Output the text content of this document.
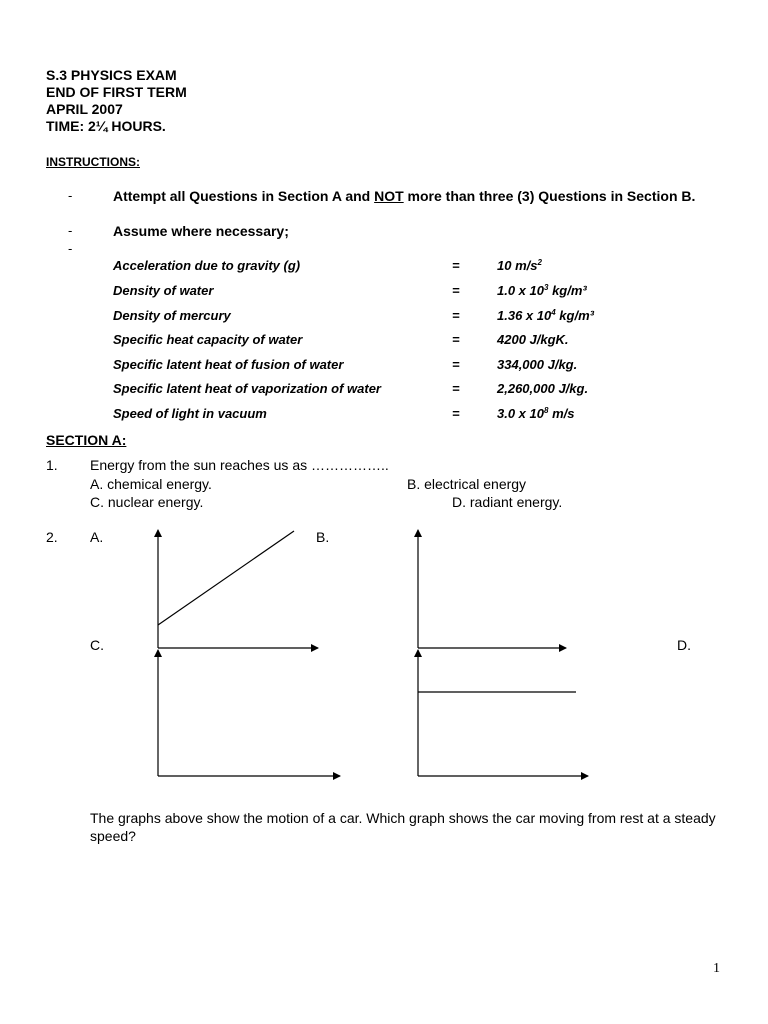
S.3 PHYSICS EXAM
END OF FIRST TERM
APRIL 2007
TIME: 2¼ HOURS.
INSTRUCTIONS:
-	Attempt all Questions in Section A and NOT more than three (3) Questions in Section B.
-	Assume where necessary;
-
Acceleration due to gravity (g)	=	10 $m/s^2$
Density of water	=	1.0 x $10^3$ kg/m³
Density of mercury	=	1.36 x $10^4$ kg/m³
Specific heat capacity of water	=	4200 J/kgK.
Specific latent heat of fusion of water	=	334,000 J/kg.
Specific latent heat of vaporization of water	=	2,260,000 J/kg.
Speed of light in vacuum	=	3.0 x $10^8$ m/s
SECTION A:
1. Energy from the sun reaches us as ……………..
A. chemical energy.	B. electrical energy
C. nuclear energy.	D. radiant energy.
2. A.	B.
C.	D.
The graphs above show the motion of a car. Which graph shows the car moving from rest at a steady speed?
1
